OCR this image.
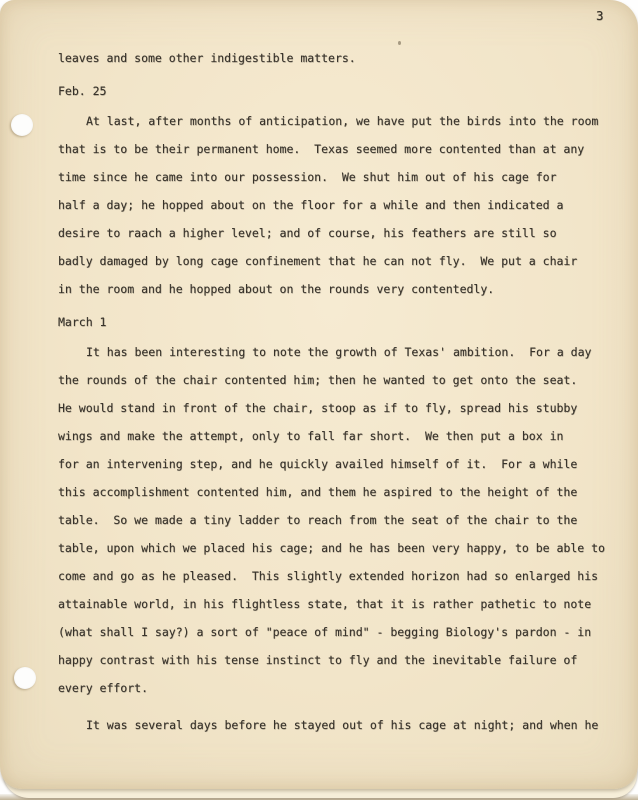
3
leaves and some other indigestible matters.
Feb. 25
At last, after months of anticipation, we have put the birds into the room
that is to be their permanent home.  Texas seemed more contented than at any
time since he came into our possession.  We shut him out of his cage for
half a day; he hopped about on the floor for a while and then indicated a
desire to raach a higher level; and of course, his feathers are still so
badly damaged by long cage confinement that he can not fly.  We put a chair
in the room and he hopped about on the rounds very contentedly.
March 1
It has been interesting to note the growth of Texas' ambition.  For a day
the rounds of the chair contented him; then he wanted to get onto the seat.
He would stand in front of the chair, stoop as if to fly, spread his stubby
wings and make the attempt, only to fall far short.  We then put a box in
for an intervening step, and he quickly availed himself of it.  For a while
this accomplishment contented him, and them he aspired to the height of the
table.  So we made a tiny ladder to reach from the seat of the chair to the
table, upon which we placed his cage; and he has been very happy, to be able to
come and go as he pleased.  This slightly extended horizon had so enlarged his
attainable world, in his flightless state, that it is rather pathetic to note
(what shall I say?) a sort of "peace of mind" - begging Biology's pardon - in
happy contrast with his tense instinct to fly and the inevitable failure of
every effort.
It was several days before he stayed out of his cage at night; and when he
